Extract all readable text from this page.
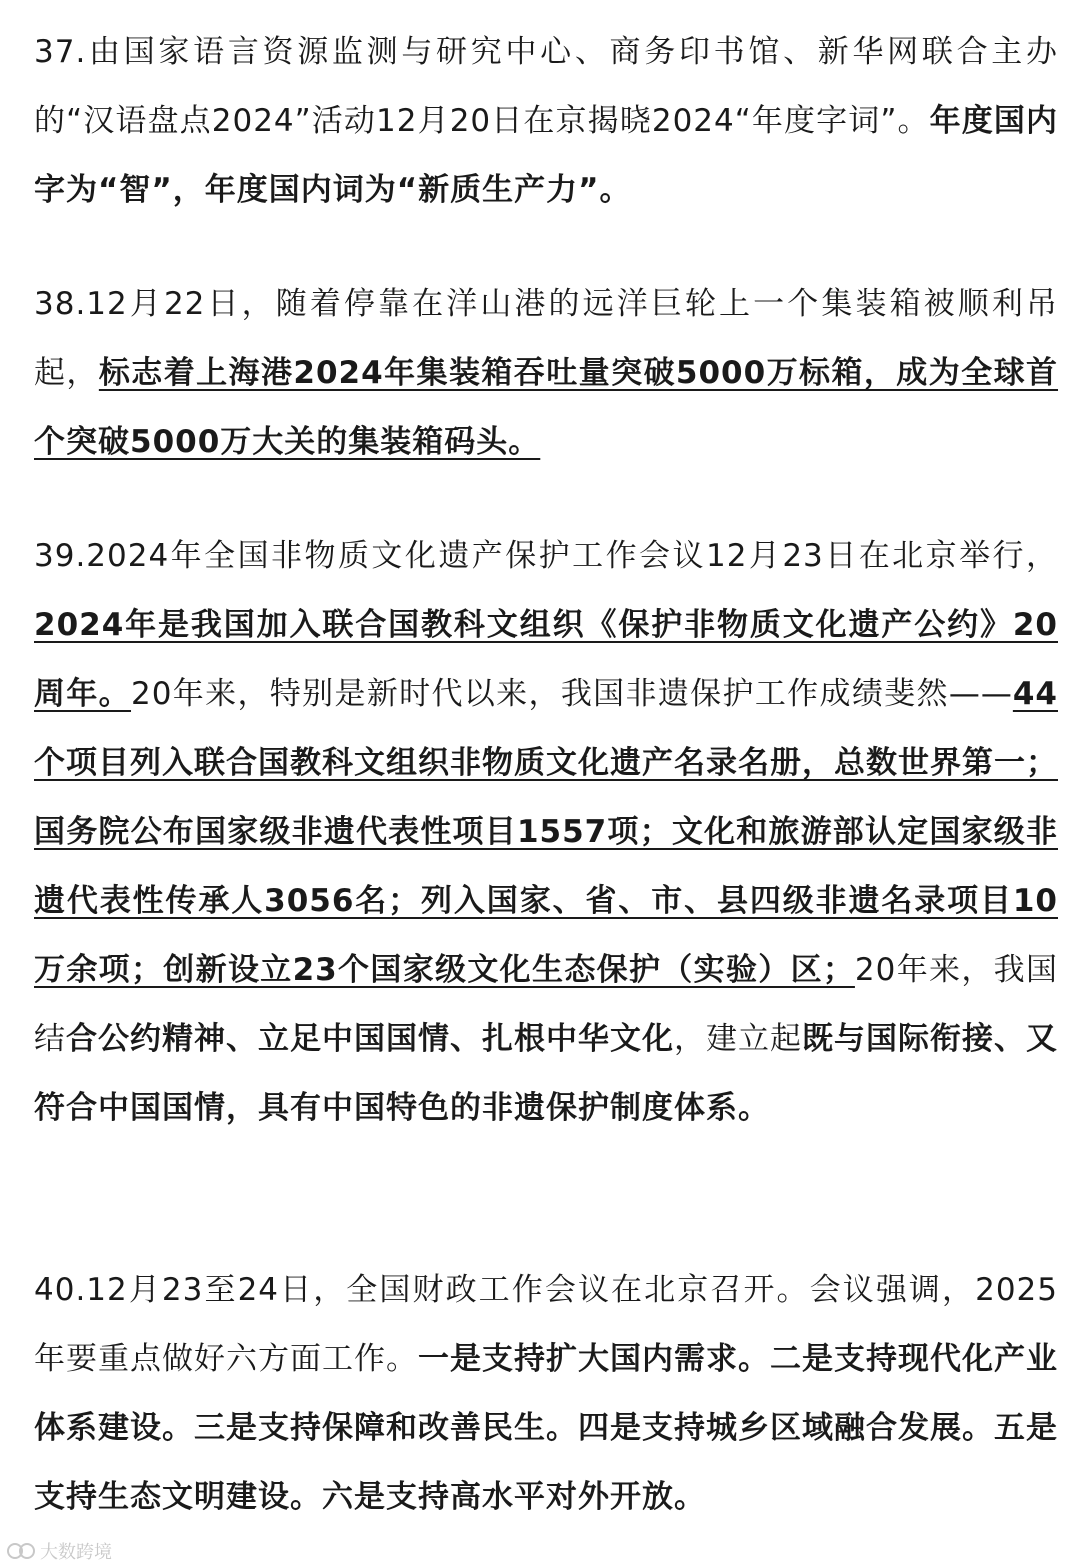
37.由国家语言资源监测与研究中心、商务印书馆、新华网联合主办的“汉语盘点2024”活动12月20日在京揭晓2024“年度字词”。年度国内字为“智”，年度国内词为“新质生产力”。

38.12月22日，随着停靠在洋山港的远洋巨轮上一个集装箱被顺利吊起，标志着上海港2024年集装箱吞吐量突破5000万标箱，成为全球首个突破5000万大关的集装箱码头。

39.2024年全国非物质文化遗产保护工作会议12月23日在北京举行，2024年是我国加入联合国教科文组织《保护非物质文化遗产公约》20周年。20年来，特别是新时代以来，我国非遗保护工作成绩斐然——44个项目列入联合国教科文组织非物质文化遗产名录名册，总数世界第一；国务院公布国家级非遗代表性项目1557项；文化和旅游部认定国家级非遗代表性传承人3056名；列入国家、省、市、县四级非遗名录项目10万余项；创新设立23个国家级文化生态保护（实验）区；20年来，我国结合公约精神、立足中国国情、扎根中华文化，建立起既与国际衔接、又符合中国国情，具有中国特色的非遗保护制度体系。

40.12月23至24日，全国财政工作会议在北京召开。会议强调，2025年要重点做好六方面工作。一是支持扩大国内需求。二是支持现代化产业体系建设。三是支持保障和改善民生。四是支持城乡区域融合发展。五是支持生态文明建设。六是支持高水平对外开放。

大数跨境
